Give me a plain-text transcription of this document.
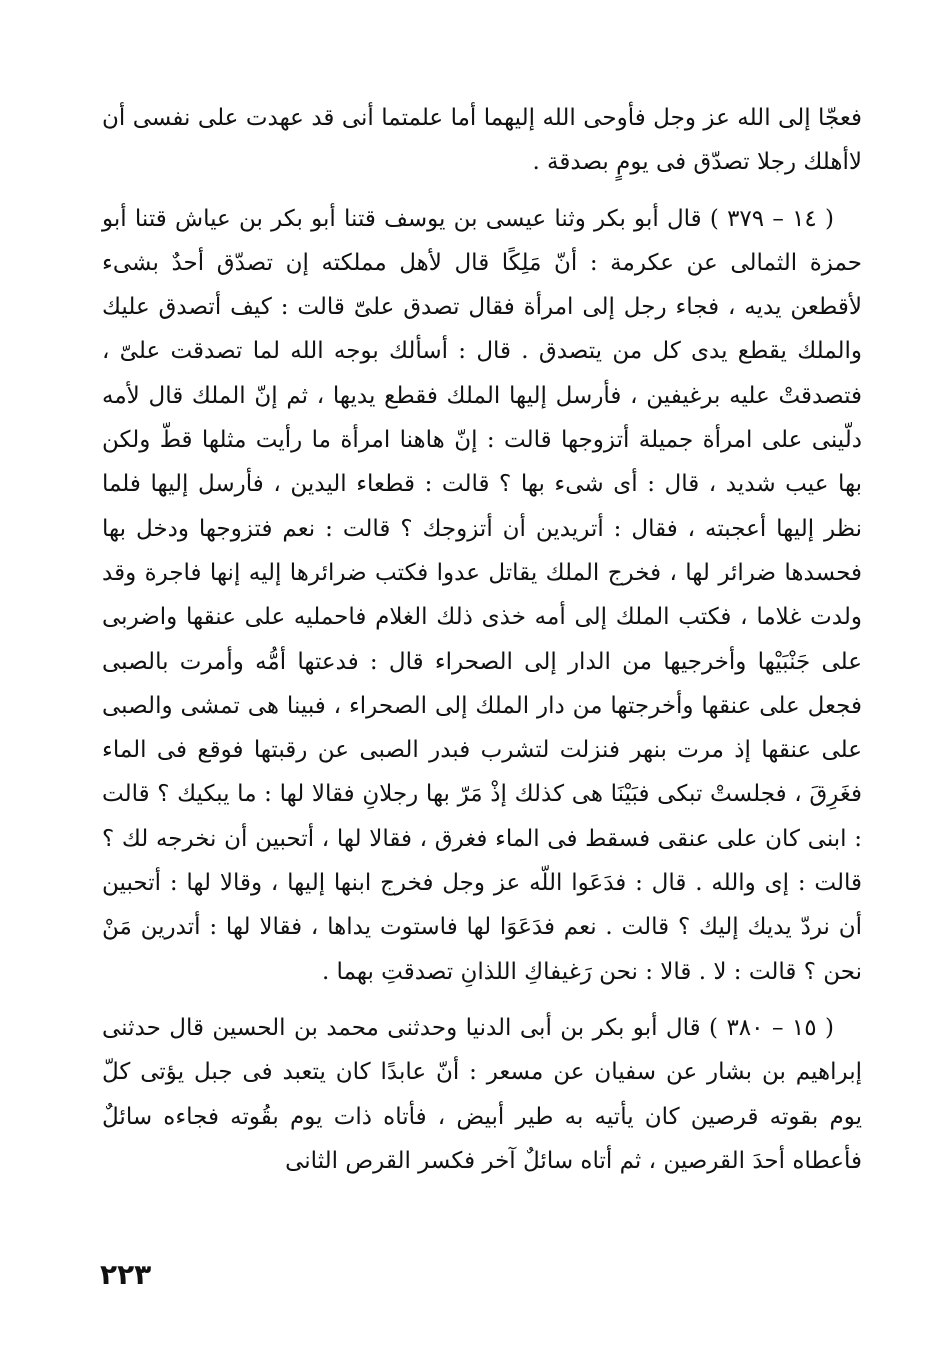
فعجّا إلى الله عز وجل فأوحى الله إليهما أما علمتما أنى قد عهدت على نفسى أن لاأهلك رجلا تصدّق فى يومٍ بصدقة .

( ١٤ – ٣٧٩ ) قال أبو بكر وثنا عيسى بن يوسف قتنا أبو بكر بن عياش قتنا أبو حمزة الثمالى عن عكرمة : أنّ مَلِكًا قال لأهل مملكته إن تصدّق أحدٌ بشىء لأقطعن يديه ، فجاء رجل إلى امرأة فقال تصدق علىّ قالت : كيف أتصدق عليك والملك يقطع يدى كل من يتصدق . قال : أسألك بوجه الله لما تصدقت علىّ ، فتصدقتْ عليه برغيفين ، فأرسل إليها الملك فقطع يديها ، ثم إنّ الملك قال لأمه دلّينى على امرأة جميلة أتزوجها قالت : إنّ هاهنا امرأة ما رأيت مثلها قطّ ولكن بها عيب شديد ، قال : أى شىء بها ؟ قالت : قطعاء اليدين ، فأرسل إليها فلما نظر إليها أعجبته ، فقال : أتريدين أن أتزوجك ؟ قالت : نعم فتزوجها ودخل بها فحسدها ضرائر لها ، فخرج الملك يقاتل عدوا فكتب ضرائرها إليه إنها فاجرة وقد ولدت غلاما ، فكتب الملك إلى أمه خذى ذلك الغلام فاحمليه على عنقها واضربى على جَنْبَيْها وأخرجيها من الدار إلى الصحراء قال : فدعتها أمُّه وأمرت بالصبى فجعل على عنقها وأخرجتها من دار الملك إلى الصحراء ، فبينا هى تمشى والصبى على عنقها إذ مرت بنهر فنزلت لتشرب فبدر الصبى عن رقبتها فوقع فى الماء فغَرِقَ ، فجلستْ تبكى فبَيْنَا هى كذلك إذْ مَرّ بها رجلانِ فقالا لها : ما يبكيك ؟ قالت : ابنى كان على عنقى فسقط فى الماء فغرق ، فقالا لها ، أتحبين أن نخرجه لك ؟ قالت : إى والله . قال : فدَعَوا اللّه عز وجل فخرج ابنها إليها ، وقالا لها : أتحبين أن نردّ يديك إليك ؟ قالت . نعم فدَعَوَا لها فاستوت يداها ، فقالا لها : أتدرين مَنْ نحن ؟ قالت : لا . قالا : نحن رَغيفاكِ اللذانِ تصدقتِ بهما .

( ١٥ – ٣٨٠ ) قال أبو بكر بن أبى الدنيا وحدثنى محمد بن الحسين قال حدثنى إبراهيم بن بشار عن سفيان عن مسعر : أنّ عابدًا كان يتعبد فى جبل يؤتى كلّ يوم بقوته قرصين كان يأتيه به طير أبيض ، فأتاه ذات يوم بقُوته فجاءه سائلٌ فأعطاه أحدَ القرصين ، ثم أتاه سائلٌ آخر فكسر القرص الثانى

٢٢٣
